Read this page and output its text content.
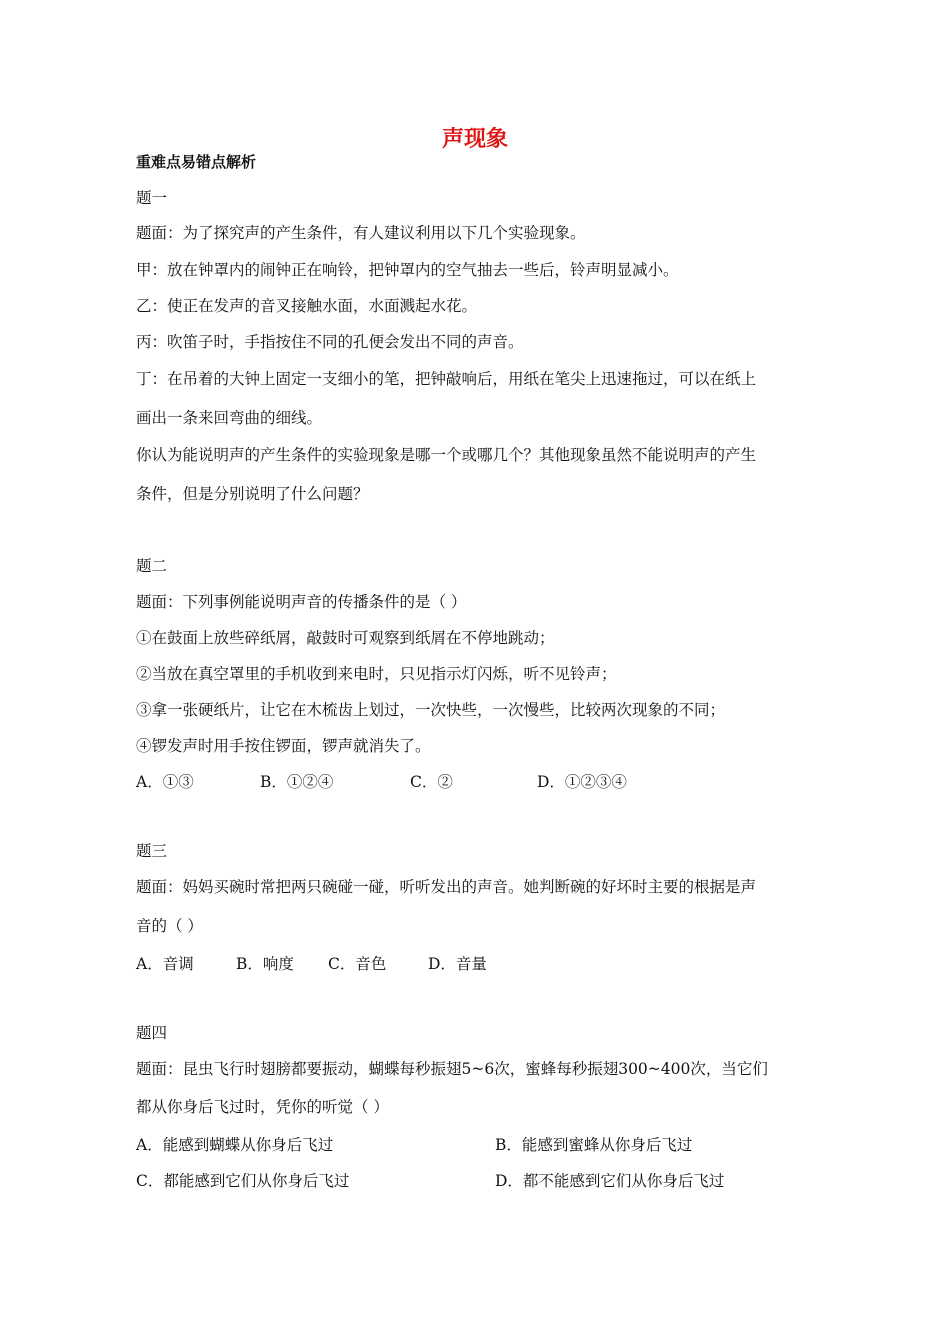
声现象
重难点易错点解析
题一
题面：为了探究声的产生条件，有人建议利用以下几个实验现象。
甲：放在钟罩内的闹钟正在响铃，把钟罩内的空气抽去一些后，铃声明显减小。
乙：使正在发声的音叉接触水面，水面溅起水花。
丙：吹笛子时，手指按住不同的孔便会发出不同的声音。
丁：在吊着的大钟上固定一支细小的笔，把钟敲响后，用纸在笔尖上迅速拖过，可以在纸上
画出一条来回弯曲的细线。
你认为能说明声的产生条件的实验现象是哪一个或哪几个？其他现象虽然不能说明声的产生
条件，但是分别说明了什么问题？
题二
题面：下列事例能说明声音的传播条件的是（ ）
①在鼓面上放些碎纸屑，敲鼓时可观察到纸屑在不停地跳动；
②当放在真空罩里的手机收到来电时，只见指示灯闪烁，听不见铃声；
③拿一张硬纸片，让它在木梳齿上划过，一次快些，一次慢些，比较两次现象的不同；
④锣发声时用手按住锣面，锣声就消失了。
A．①③	B．①②④	C．②	D．①②③④
题三
题面：妈妈买碗时常把两只碗碰一碰，听听发出的声音。她判断碗的好坏时主要的根据是声
音的（ ）
A．音调	B．响度 C．音色	D．音量
题四
题面：昆虫飞行时翅膀都要振动，蝴蝶每秒振翅5~6次，蜜蜂每秒振翅300~400次，当它们
都从你身后飞过时，凭你的听觉（ ）
A．能感到蝴蝶从你身后飞过	B．能感到蜜蜂从你身后飞过
C．都能感到它们从你身后飞过	D．都不能感到它们从你身后飞过
